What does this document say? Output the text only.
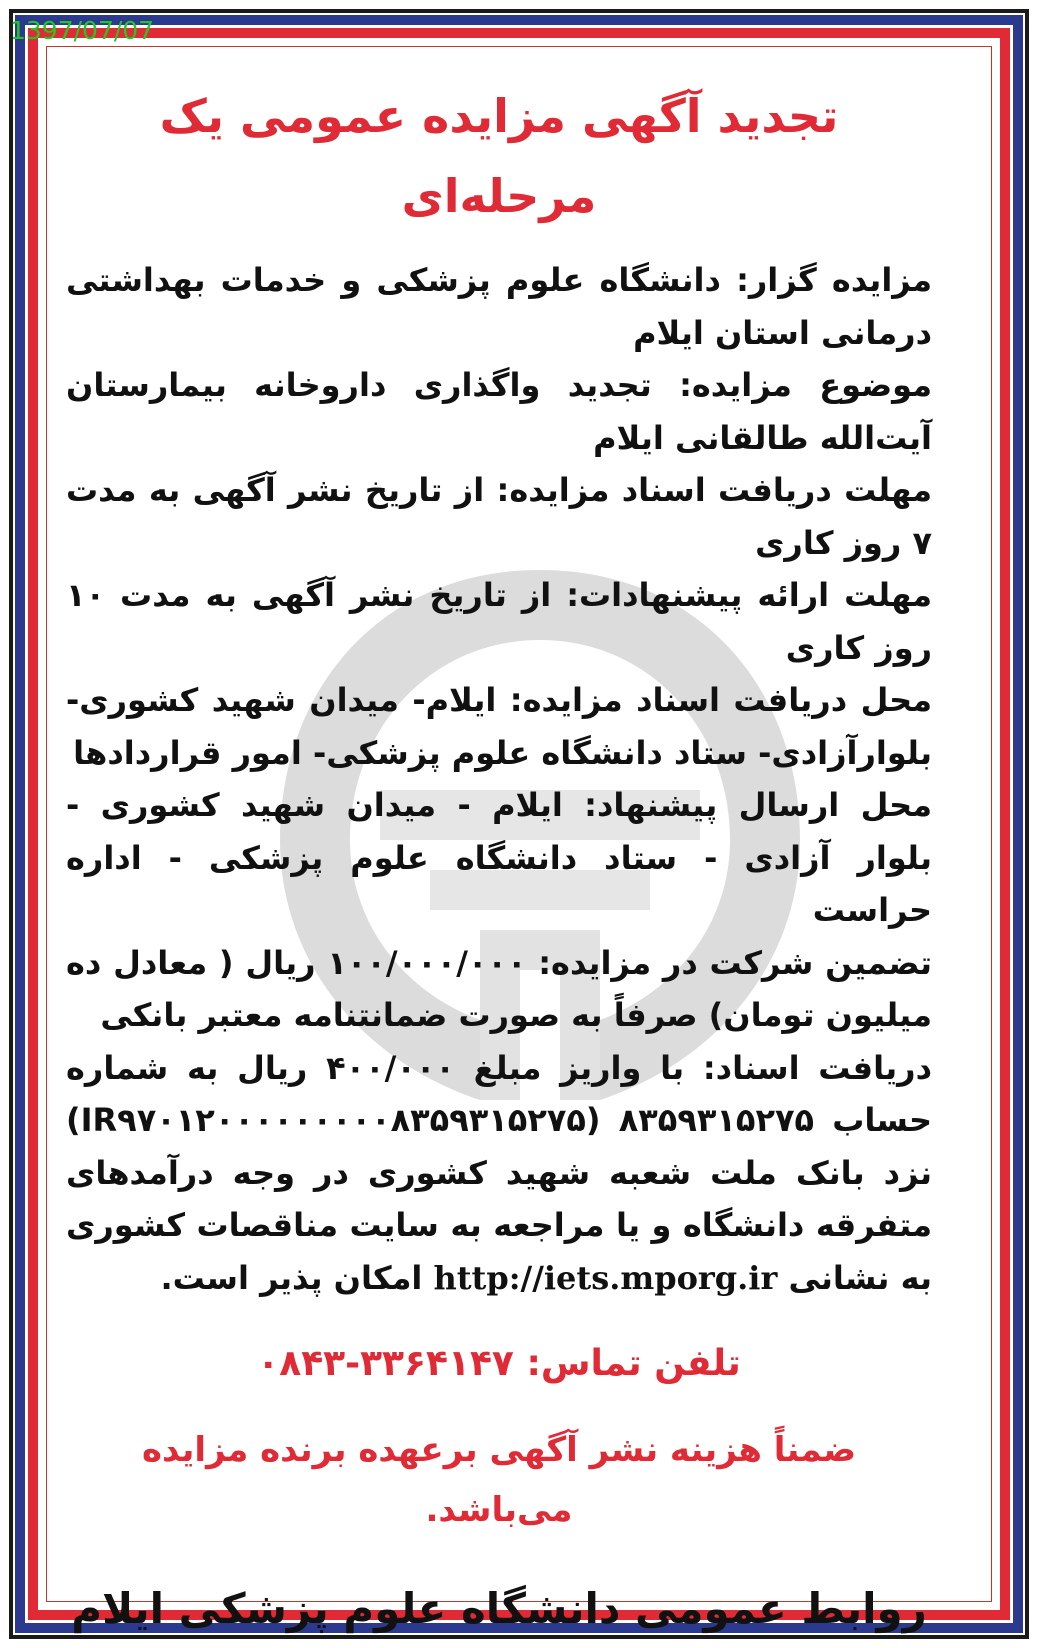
1397/07/07
تجدید آگهی مزایده عمومی یک مرحله‌ای

مزایده گزار: دانشگاه علوم پزشکی و خدمات بهداشتی درمانی استان ایلام

موضوع مزایده: تجدید واگذاری داروخانه بیمارستان آیت‌الله طالقانی ایلام

مهلت دریافت اسناد مزایده: از تاریخ نشر آگهی به مدت ۷ روز کاری

مهلت ارائه پیشنهادات: از تاریخ نشر آگهی به مدت ۱۰ روز کاری

محل دریافت اسناد مزایده: ایلام- میدان شهید کشوری- بلوارآزادی- ستاد دانشگاه علوم پزشکی- امور قراردادها

محل ارسال پیشنهاد: ایلام - میدان شهید کشوری - بلوار آزادی - ستاد دانشگاه علوم پزشکی - اداره حراست

تضمین شرکت در مزایده: ۱۰۰/۰۰۰/۰۰۰ ریال ( معادل ده میلیون تومان) صرفاً به صورت ضمانتنامه معتبر بانکی

دریافت اسناد: با واریز مبلغ ۴۰۰/۰۰۰ ریال به شماره حساب ۸۳۵۹۳۱۵۲۷۵ (IR۹۷۰۱۲۰۰۰۰۰۰۰۰۰۸۳۵۹۳۱۵۲۷۵) نزد بانک ملت شعبه شهید کشوری در وجه درآمدهای متفرقه دانشگاه و یا مراجعه به سایت مناقصات کشوری به نشانی http://iets.mporg.ir امکان پذیر است.

تلفن تماس: ۰۸۴۳-۳۳۶۴۱۴۷
ضمناً هزینه نشر آگهی برعهده برنده مزایده می‌باشد.
روابط عمومی دانشگاه علوم پزشکی ایلام
